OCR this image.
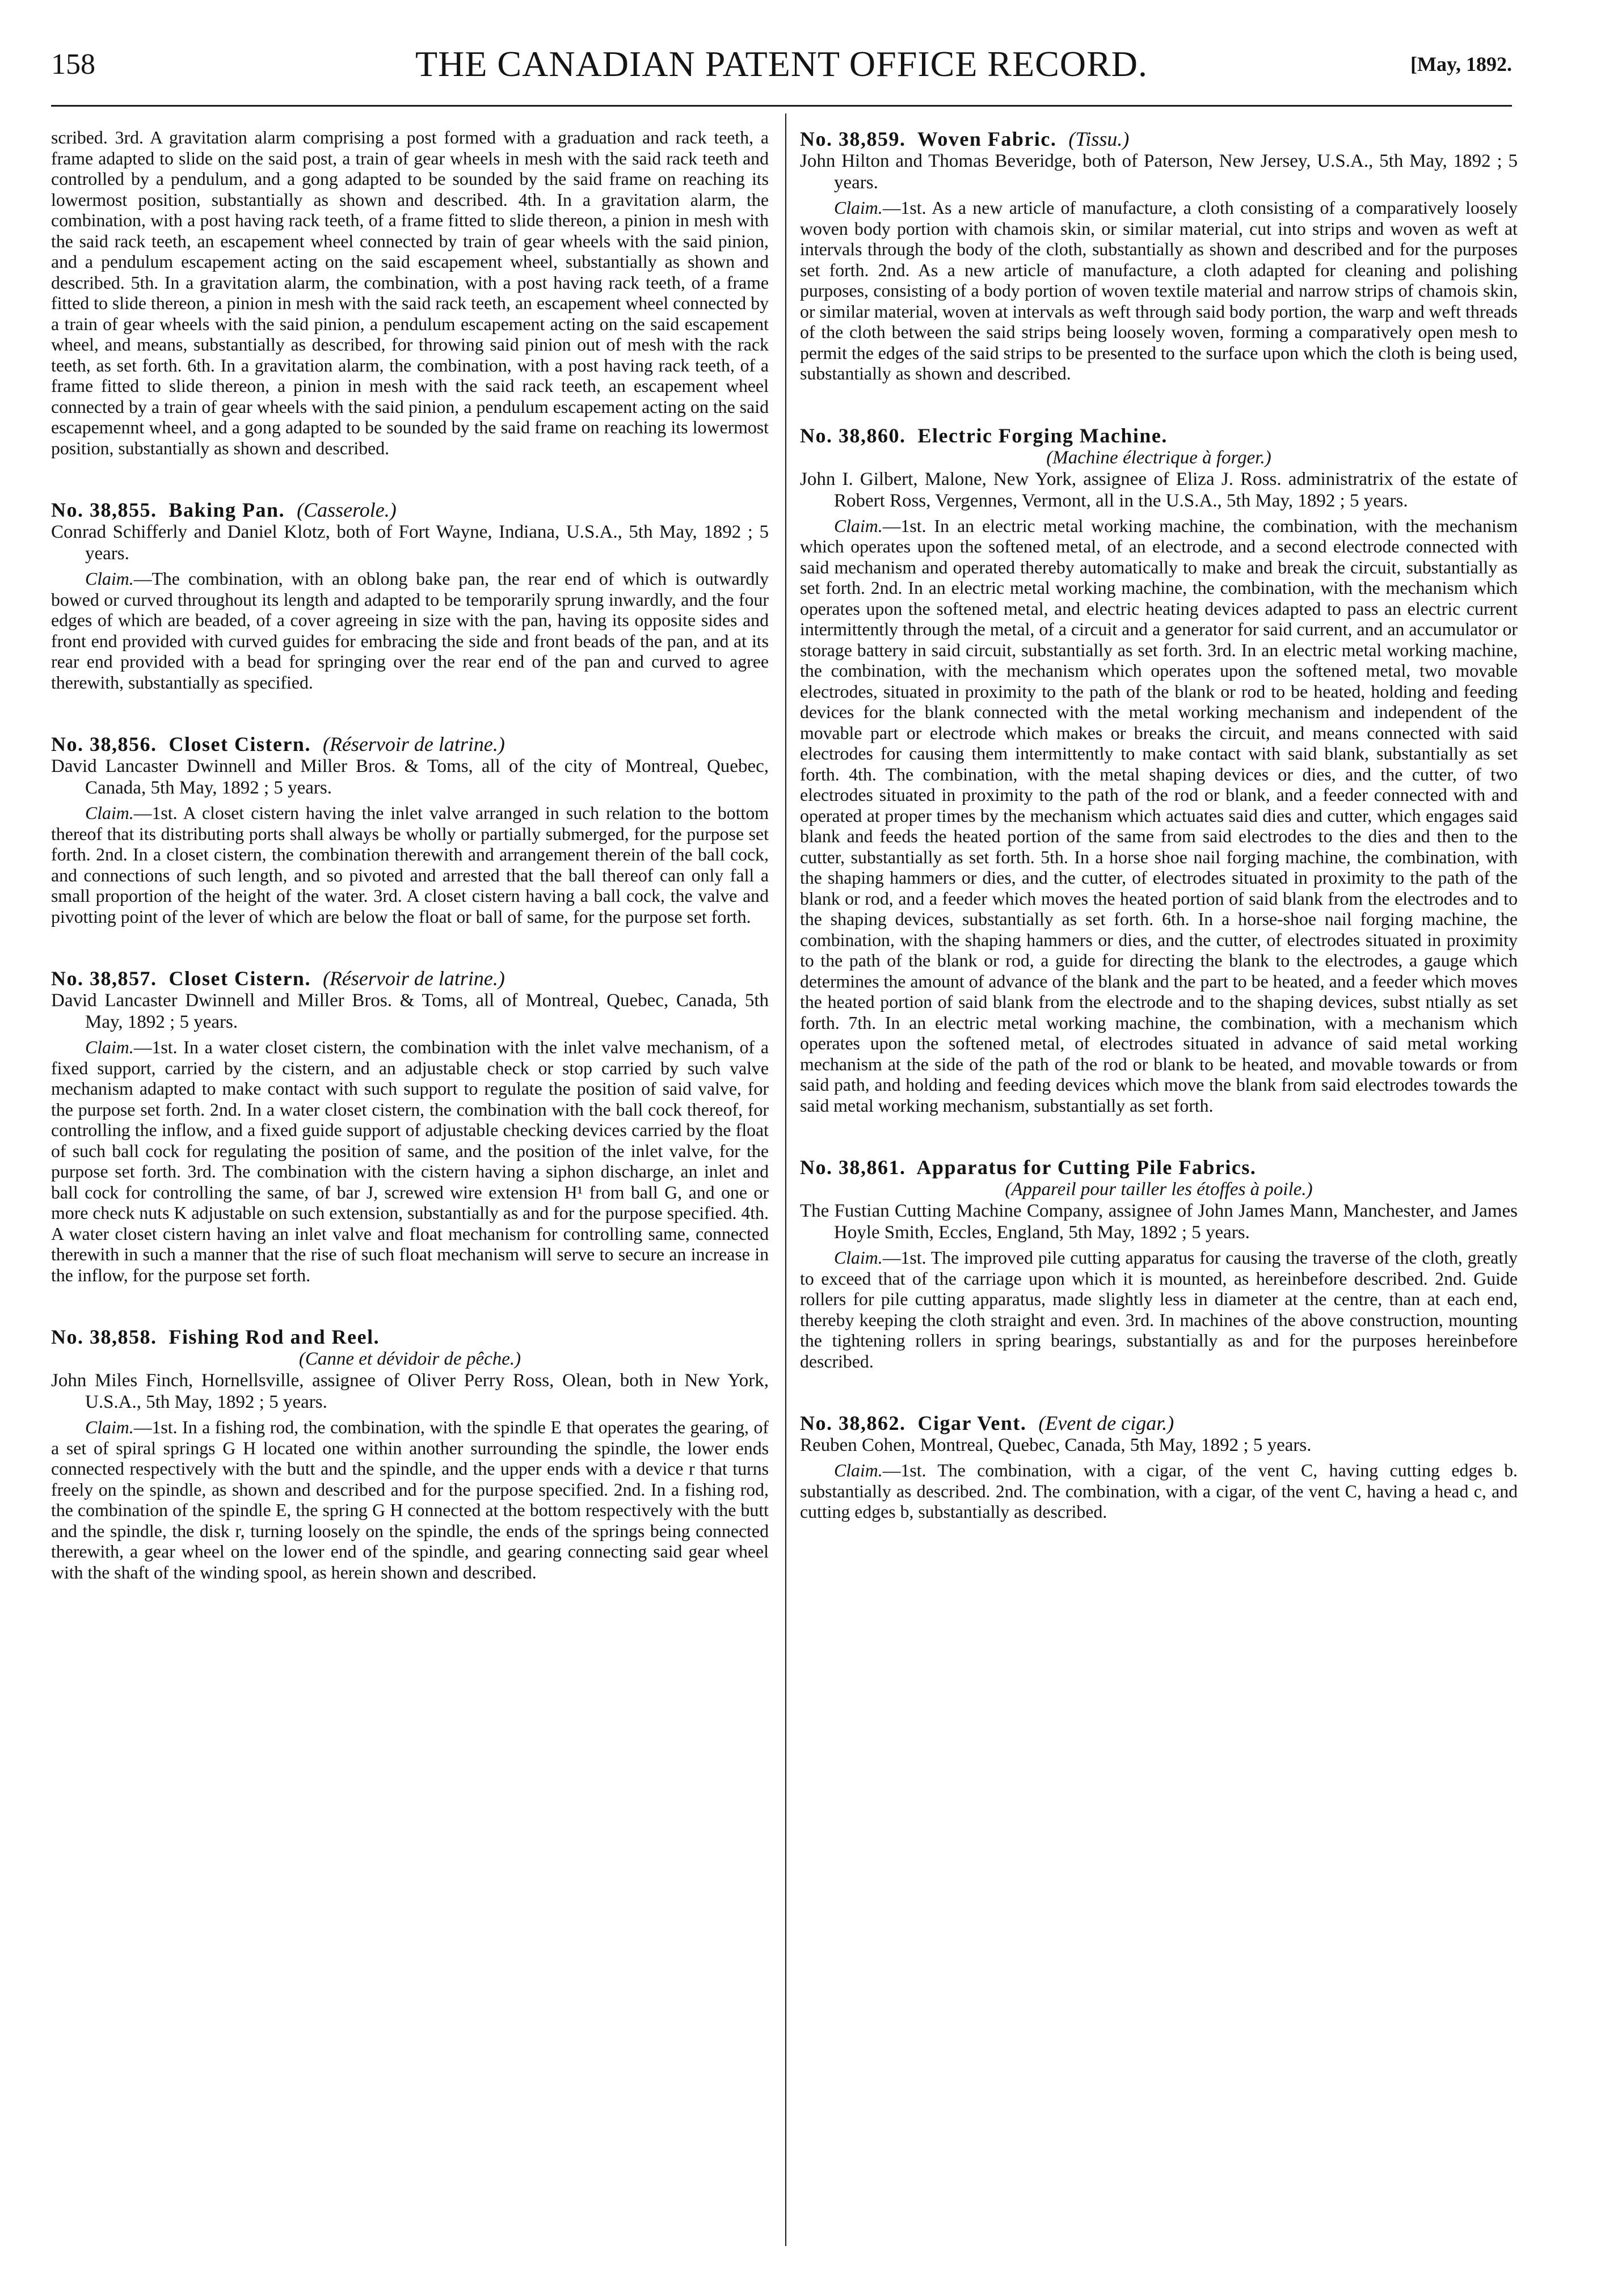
158	THE CANADIAN PATENT OFFICE RECORD.	[May, 1892.

scribed. 3rd. A gravitation alarm comprising a post formed with a graduation and rack teeth, a frame adapted to slide on the said post, a train of gear wheels in mesh with the said rack teeth and controlled by a pendulum, and a gong adapted to be sounded by the said frame on reaching its lowermost position, substantially as shown and described. 4th. In a gravitation alarm, the combination, with a post having rack teeth, of a frame fitted to slide thereon, a pinion in mesh with the said rack teeth, an escapement wheel connected by train of gear wheels with the said pinion, and a pendulum escapement acting on the said escapement wheel, substantially as shown and described. 5th. In a gravitation alarm, the combination, with a post having rack teeth, of a frame fitted to slide thereon, a pinion in mesh with the said rack teeth, an escapement wheel connected by a train of gear wheels with the said pinion, a pendulum escapement acting on the said escapement wheel, and means, substantially as described, for throwing said pinion out of mesh with the rack teeth, as set forth. 6th. In a gravitation alarm, the combination, with a post having rack teeth, of a frame fitted to slide thereon, a pinion in mesh with the said rack teeth, an escapement wheel connected by a train of gear wheels with the said pinion, a pendulum escapement acting on the said escapemennt wheel, and a gong adapted to be sounded by the said frame on reaching its lowermost position, substantially as shown and described.

No. 38,855. Baking Pan. (Casserole.)

Conrad Schifferly and Daniel Klotz, both of Fort Wayne, Indiana, U.S.A., 5th May, 1892 ; 5 years.

Claim.—The combination, with an oblong bake pan, the rear end of which is outwardly bowed or curved throughout its length and adapted to be temporarily sprung inwardly, and the four edges of which are beaded, of a cover agreeing in size with the pan, having its opposite sides and front end provided with curved guides for embracing the side and front beads of the pan, and at its rear end provided with a bead for springing over the rear end of the pan and curved to agree therewith, substantially as specified.

No. 38,856. Closet Cistern. (Réservoir de latrine.)

David Lancaster Dwinnell and Miller Bros. & Toms, all of the city of Montreal, Quebec, Canada, 5th May, 1892 ; 5 years.

Claim.—1st. A closet cistern having the inlet valve arranged in such relation to the bottom thereof that its distributing ports shall always be wholly or partially submerged, for the purpose set forth. 2nd. In a closet cistern, the combination therewith and arrangement therein of the ball cock, and connections of such length, and so pivoted and arrested that the ball thereof can only fall a small proportion of the height of the water. 3rd. A closet cistern having a ball cock, the valve and pivotting point of the lever of which are below the float or ball of same, for the purpose set forth.

No. 38,857. Closet Cistern. (Réservoir de latrine.)

David Lancaster Dwinnell and Miller Bros. & Toms, all of Montreal, Quebec, Canada, 5th May, 1892 ; 5 years.

Claim.—1st. In a water closet cistern, the combination with the inlet valve mechanism, of a fixed support, carried by the cistern, and an adjustable check or stop carried by such valve mechanism adapted to make contact with such support to regulate the position of said valve, for the purpose set forth. 2nd. In a water closet cistern, the combination with the ball cock thereof, for controlling the inflow, and a fixed guide support of adjustable checking devices carried by the float of such ball cock for regulating the position of same, and the position of the inlet valve, for the purpose set forth. 3rd. The combination with the cistern having a siphon discharge, an inlet and ball cock for controlling the same, of bar J, screwed wire extension H¹ from ball G, and one or more check nuts K adjustable on such extension, substantially as and for the purpose specified. 4th. A water closet cistern having an inlet valve and float mechanism for controlling same, connected therewith in such a manner that the rise of such float mechanism will serve to secure an increase in the inflow, for the purpose set forth.

No. 38,858. Fishing Rod and Reel.

(Canne et dévidoir de pêche.)

John Miles Finch, Hornellsville, assignee of Oliver Perry Ross, Olean, both in New York, U.S.A., 5th May, 1892 ; 5 years.

Claim.—1st. In a fishing rod, the combination, with the spindle E that operates the gearing, of a set of spiral springs G H located one within another surrounding the spindle, the lower ends connected respectively with the butt and the spindle, and the upper ends with a device r that turns freely on the spindle, as shown and described and for the purpose specified. 2nd. In a fishing rod, the combination of the spindle E, the spring G H connected at the bottom respectively with the butt and the spindle, the disk r, turning loosely on the spindle, the ends of the springs being connected therewith, a gear wheel on the lower end of the spindle, and gearing connecting said gear wheel with the shaft of the winding spool, as herein shown and described.

No. 38,859. Woven Fabric. (Tissu.)

John Hilton and Thomas Beveridge, both of Paterson, New Jersey, U.S.A., 5th May, 1892 ; 5 years.

Claim.—1st. As a new article of manufacture, a cloth consisting of a comparatively loosely woven body portion with chamois skin, or similar material, cut into strips and woven as weft at intervals through the body of the cloth, substantially as shown and described and for the purposes set forth. 2nd. As a new article of manufacture, a cloth adapted for cleaning and polishing purposes, consisting of a body portion of woven textile material and narrow strips of chamois skin, or similar material, woven at intervals as weft through said body portion, the warp and weft threads of the cloth between the said strips being loosely woven, forming a comparatively open mesh to permit the edges of the said strips to be presented to the surface upon which the cloth is being used, substantially as shown and described.

No. 38,860. Electric Forging Machine.

(Machine électrique à forger.)

John I. Gilbert, Malone, New York, assignee of Eliza J. Ross. administratrix of the estate of Robert Ross, Vergennes, Vermont, all in the U.S.A., 5th May, 1892 ; 5 years.

Claim.—1st. In an electric metal working machine, the combination, with the mechanism which operates upon the softened metal, of an electrode, and a second electrode connected with said mechanism and operated thereby automatically to make and break the circuit, substantially as set forth. 2nd. In an electric metal working machine, the combination, with the mechanism which operates upon the softened metal, and electric heating devices adapted to pass an electric current intermittently through the metal, of a circuit and a generator for said current, and an accumulator or storage battery in said circuit, substantially as set forth. 3rd. In an electric metal working machine, the combination, with the mechanism which operates upon the softened metal, two movable electrodes, situated in proximity to the path of the blank or rod to be heated, holding and feeding devices for the blank connected with the metal working mechanism and independent of the movable part or electrode which makes or breaks the circuit, and means connected with said electrodes for causing them intermittently to make contact with said blank, substantially as set forth. 4th. The combination, with the metal shaping devices or dies, and the cutter, of two electrodes situated in proximity to the path of the rod or blank, and a feeder connected with and operated at proper times by the mechanism which actuates said dies and cutter, which engages said blank and feeds the heated portion of the same from said electrodes to the dies and then to the cutter, substantially as set forth. 5th. In a horse shoe nail forging machine, the combination, with the shaping hammers or dies, and the cutter, of electrodes situated in proximity to the path of the blank or rod, and a feeder which moves the heated portion of said blank from the electrodes and to the shaping devices, substantially as set forth. 6th. In a horse-shoe nail forging machine, the combination, with the shaping hammers or dies, and the cutter, of electrodes situated in proximity to the path of the blank or rod, a guide for directing the blank to the electrodes, a gauge which determines the amount of advance of the blank and the part to be heated, and a feeder which moves the heated portion of said blank from the electrode and to the shaping devices, subst ntially as set forth. 7th. In an electric metal working machine, the combination, with a mechanism which operates upon the softened metal, of electrodes situated in advance of said metal working mechanism at the side of the path of the rod or blank to be heated, and movable towards or from said path, and holding and feeding devices which move the blank from said electrodes towards the said metal working mechanism, substantially as set forth.

No. 38,861. Apparatus for Cutting Pile Fabrics.

(Appareil pour tailler les étoffes à poile.)

The Fustian Cutting Machine Company, assignee of John James Mann, Manchester, and James Hoyle Smith, Eccles, England, 5th May, 1892 ; 5 years.

Claim.—1st. The improved pile cutting apparatus for causing the traverse of the cloth, greatly to exceed that of the carriage upon which it is mounted, as hereinbefore described. 2nd. Guide rollers for pile cutting apparatus, made slightly less in diameter at the centre, than at each end, thereby keeping the cloth straight and even. 3rd. In machines of the above construction, mounting the tightening rollers in spring bearings, substantially as and for the purposes hereinbefore described.

No. 38,862. Cigar Vent. (Event de cigar.)

Reuben Cohen, Montreal, Quebec, Canada, 5th May, 1892 ; 5 years.

Claim.—1st. The combination, with a cigar, of the vent C, having cutting edges b. substantially as described. 2nd. The combination, with a cigar, of the vent C, having a head c, and cutting edges b, substantially as described.
